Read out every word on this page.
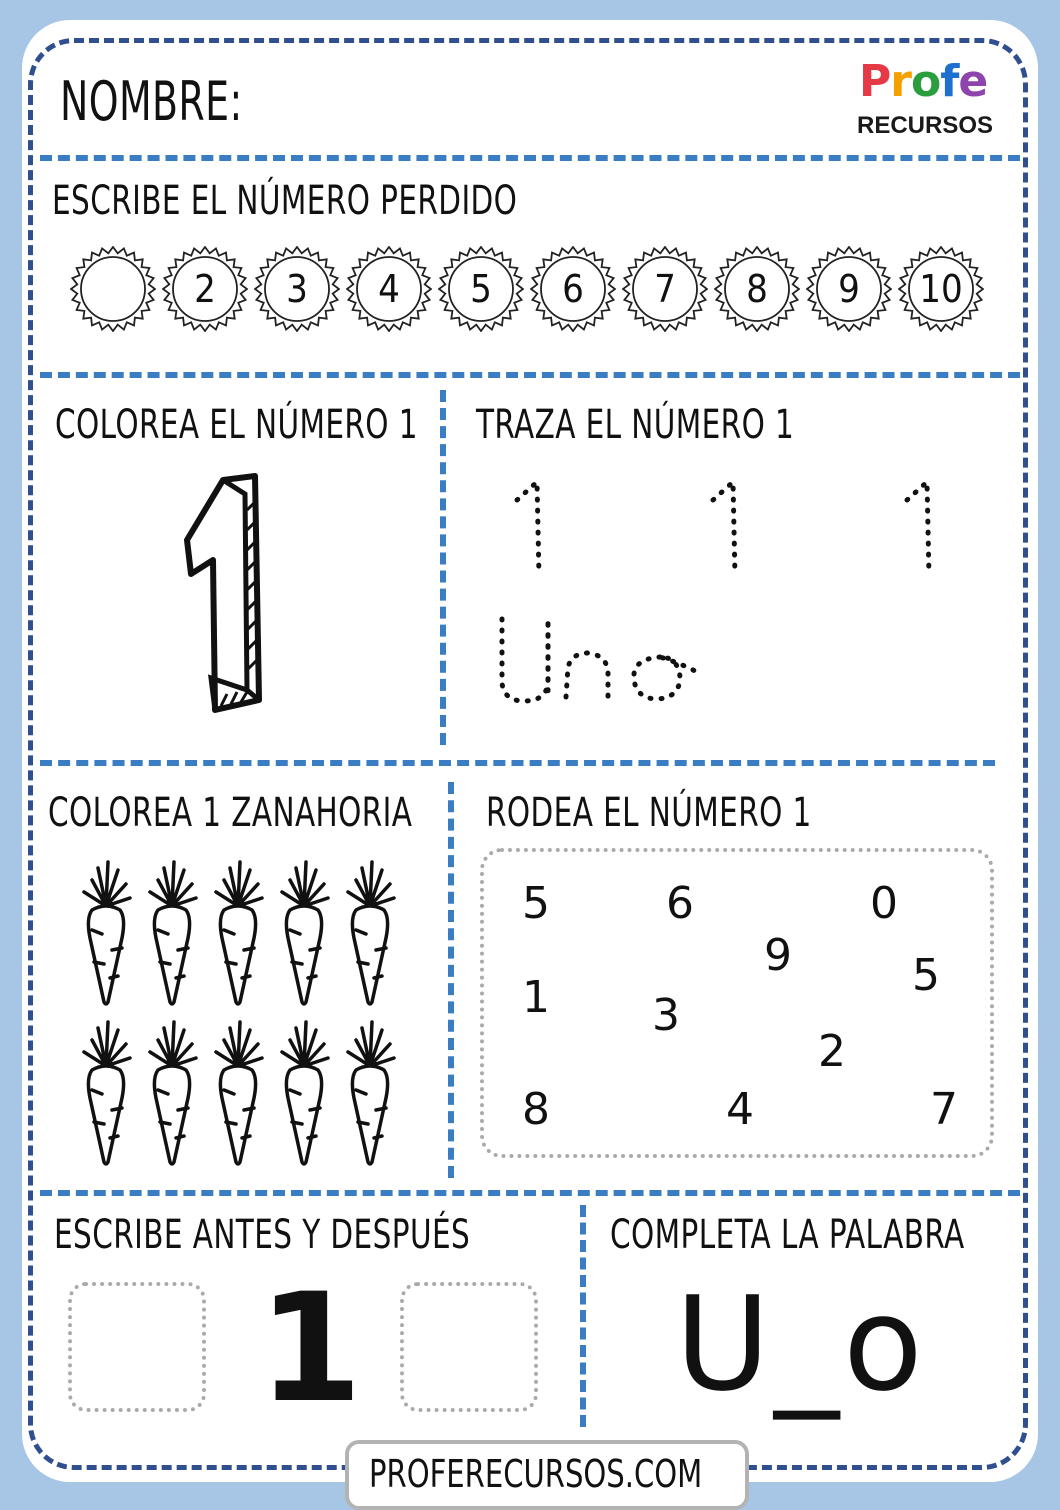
NOMBRE:	Profe
RECURSOS
ESCRIBE EL NÚMERO PERDIDO
2	3	4	5	6	7	8	9	10
COLOREA EL NÚMERO 1 TRAZA EL NÚMERO 1
COLOREA 1 ZANAHORIA RODEA EL NÚMERO 1
5	6	0
9
1	5
3
2
8	4	7
ESCRIBE ANTES Y DESPUÉS
1
COMPLETA LA PALABRA
U_o
PROFERECURSOS.COM
